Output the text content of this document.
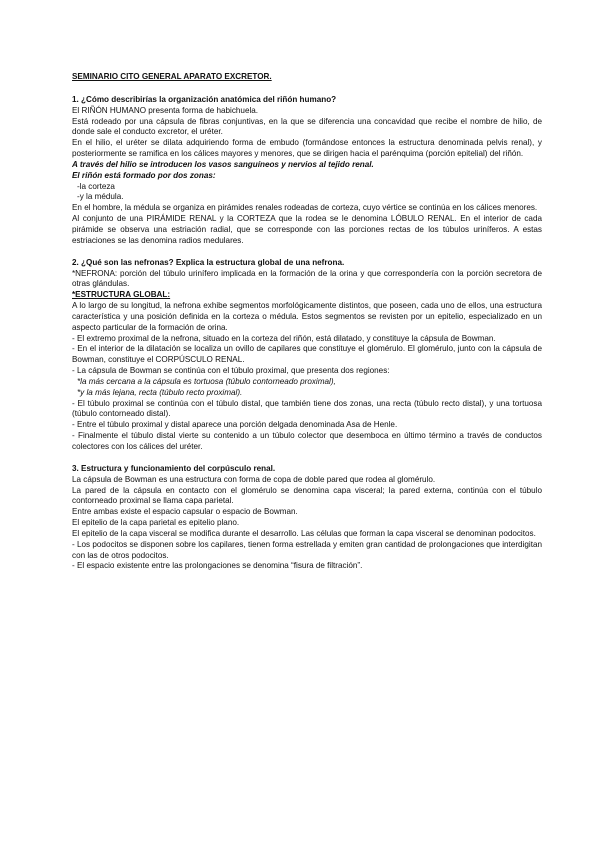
SEMINARIO CITO GENERAL APARATO EXCRETOR.

1. ¿Cómo describirías la organización anatómica del riñón humano?

El RIÑÓN HUMANO presenta forma de habichuela.

Está rodeado por una cápsula de fibras conjuntivas, en la que se diferencia una concavidad que recibe el nombre de hilio, de donde sale el conducto excretor, el uréter.

En el hilio, el uréter se dilata adquiriendo forma de embudo (formándose entonces la estructura denominada pelvis renal), y posteriormente se ramifica en los cálices mayores y menores, que se dirigen hacia el parénquima (porción epitelial) del riñón.

A través del hilio se introducen los vasos sanguíneos y nervios al tejido renal.

El riñón está formado por dos zonas:

-la corteza

-y la médula.

En el hombre, la médula se organiza en pirámides renales rodeadas de corteza, cuyo vértice se continúa en los cálices menores.

Al conjunto de una PIRÁMIDE RENAL y la CORTEZA que la rodea se le denomina LÓBULO RENAL. En el interior de cada pirámide se observa una estriación radial, que se corresponde con las porciones rectas de los túbulos uriníferos. A estas estriaciones se las denomina radios medulares.

2. ¿Qué son las nefronas? Explica la estructura global de una nefrona.

*NEFRONA: porción del túbulo urinífero implicada en la formación de la orina y que correspondería con la porción secretora de otras glándulas.

*ESTRUCTURA GLOBAL:

A lo largo de su longitud, la nefrona exhibe segmentos morfológicamente distintos, que poseen, cada uno de ellos, una estructura característica y una posición definida en la corteza o médula. Estos segmentos se revisten por un epitelio, especializado en un aspecto particular de la formación de orina.

- El extremo proximal de la nefrona, situado en la corteza del riñón, está dilatado, y constituye la cápsula de Bowman.

- En el interior de la dilatación se localiza un ovillo de capilares que constituye el glomérulo. El glomérulo, junto con la cápsula de Bowman, constituye el CORPÚSCULO RENAL.

- La cápsula de Bowman se continúa con el túbulo proximal, que presenta dos regiones:

*la más cercana a la cápsula es tortuosa (túbulo contorneado proximal),

*y la más lejana, recta (túbulo recto proximal).

- El túbulo proximal se continúa con el túbulo distal, que también tiene dos zonas, una recta (túbulo recto distal), y una tortuosa (túbulo contorneado distal).

- Entre el túbulo proximal y distal aparece una porción delgada denominada Asa de Henle.

- Finalmente el túbulo distal vierte su contenido a un túbulo colector que desemboca en último término a través de conductos colectores con los cálices del uréter.

3. Estructura y funcionamiento del corpúsculo renal.

La cápsula de Bowman es una estructura con forma de copa de doble pared que rodea al glomérulo.

La pared de la cápsula en contacto con el glomérulo se denomina capa visceral; la pared externa, continúa con el túbulo contorneado proximal se llama capa parietal.

Entre ambas existe el espacio capsular o espacio de Bowman.

El epitelio de la capa parietal es epitelio plano.

El epitelio de la capa visceral se modifica durante el desarrollo. Las células que forman la capa visceral se denominan podocitos.

- Los podocitos se disponen sobre los capilares, tienen forma estrellada y emiten gran cantidad de prolongaciones que interdigitan con las de otros podocitos.

- El espacio existente entre las prolongaciones se denomina “fisura de filtración”.
